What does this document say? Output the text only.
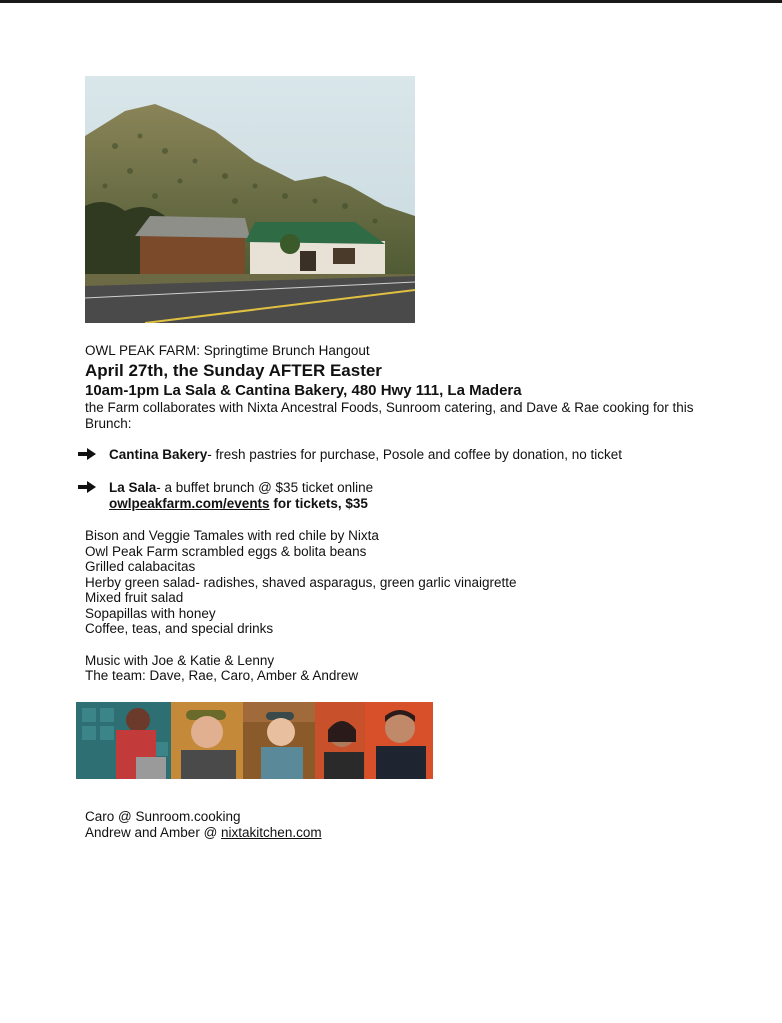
OWL PEAK FARM: Springtime Brunch Hangout
April 27th, the Sunday AFTER Easter
10am-1pm La Sala & Cantina Bakery, 480 Hwy 111, La Madera
the Farm collaborates with Nixta Ancestral Foods, Sunroom catering, and Dave & Rae cooking for this Brunch:
Cantina Bakery- fresh pastries for purchase, Posole and coffee by donation, no ticket
La Sala- a buffet brunch @ $35 ticket online
owlpeakfarm.com/events for tickets, $35
Bison and Veggie Tamales with red chile by Nixta
Owl Peak Farm scrambled eggs & bolita beans
Grilled calabacitas
Herby green salad- radishes, shaved asparagus, green garlic vinaigrette
Mixed fruit salad
Sopapillas with honey
Coffee, teas, and special drinks
Music with Joe & Katie & Lenny
The team: Dave, Rae, Caro, Amber & Andrew
Caro @ Sunroom.cooking
Andrew and Amber @ nixtakitchen.com
